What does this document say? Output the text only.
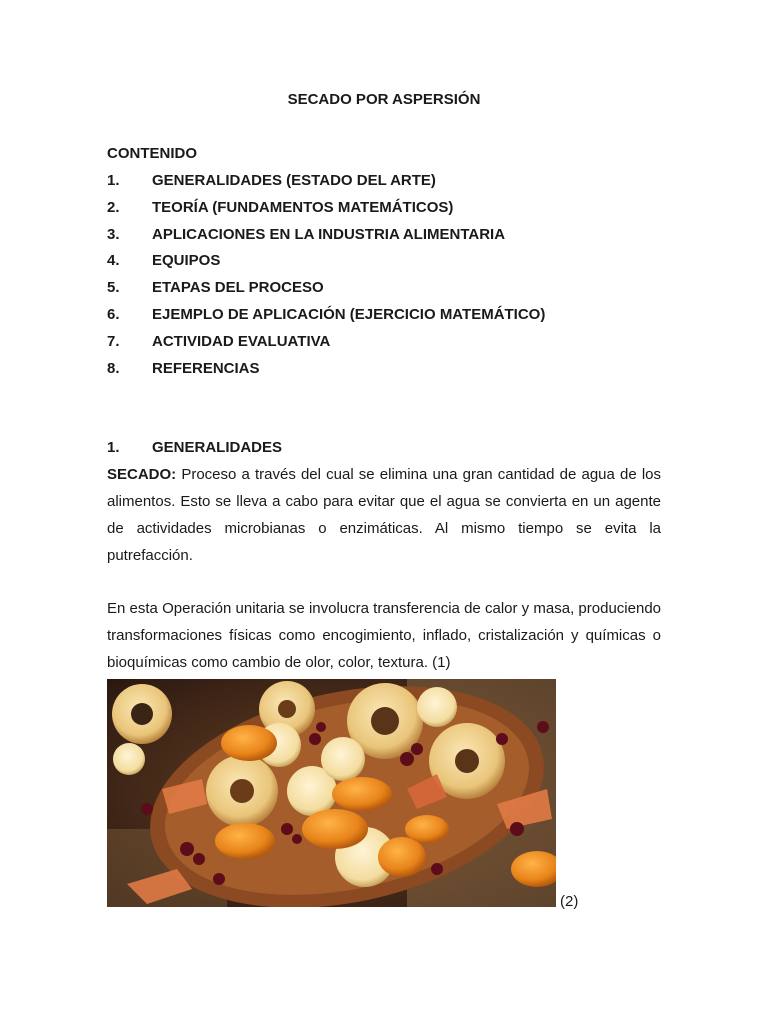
SECADO POR ASPERSIÓN
CONTENIDO
1. GENERALIDADES (ESTADO DEL ARTE)
2. TEORÍA (FUNDAMENTOS MATEMÁTICOS)
3. APLICACIONES EN LA INDUSTRIA ALIMENTARIA
4. EQUIPOS
5. ETAPAS DEL PROCESO
6. EJEMPLO DE APLICACIÓN (EJERCICIO MATEMÁTICO)
7. ACTIVIDAD EVALUATIVA
8. REFERENCIAS
1. GENERALIDADES

SECADO: Proceso a través del cual se elimina una gran cantidad de agua de los alimentos. Esto se lleva a cabo para evitar que el agua se convierta en un agente de actividades microbianas o enzimáticas. Al mismo tiempo se evita la putrefacción.

En esta Operación unitaria se involucra transferencia de calor y masa, produciendo transformaciones físicas como encogimiento, inflado, cristalización y químicas o bioquímicas como cambio de olor, color, textura. (1)

(2)
